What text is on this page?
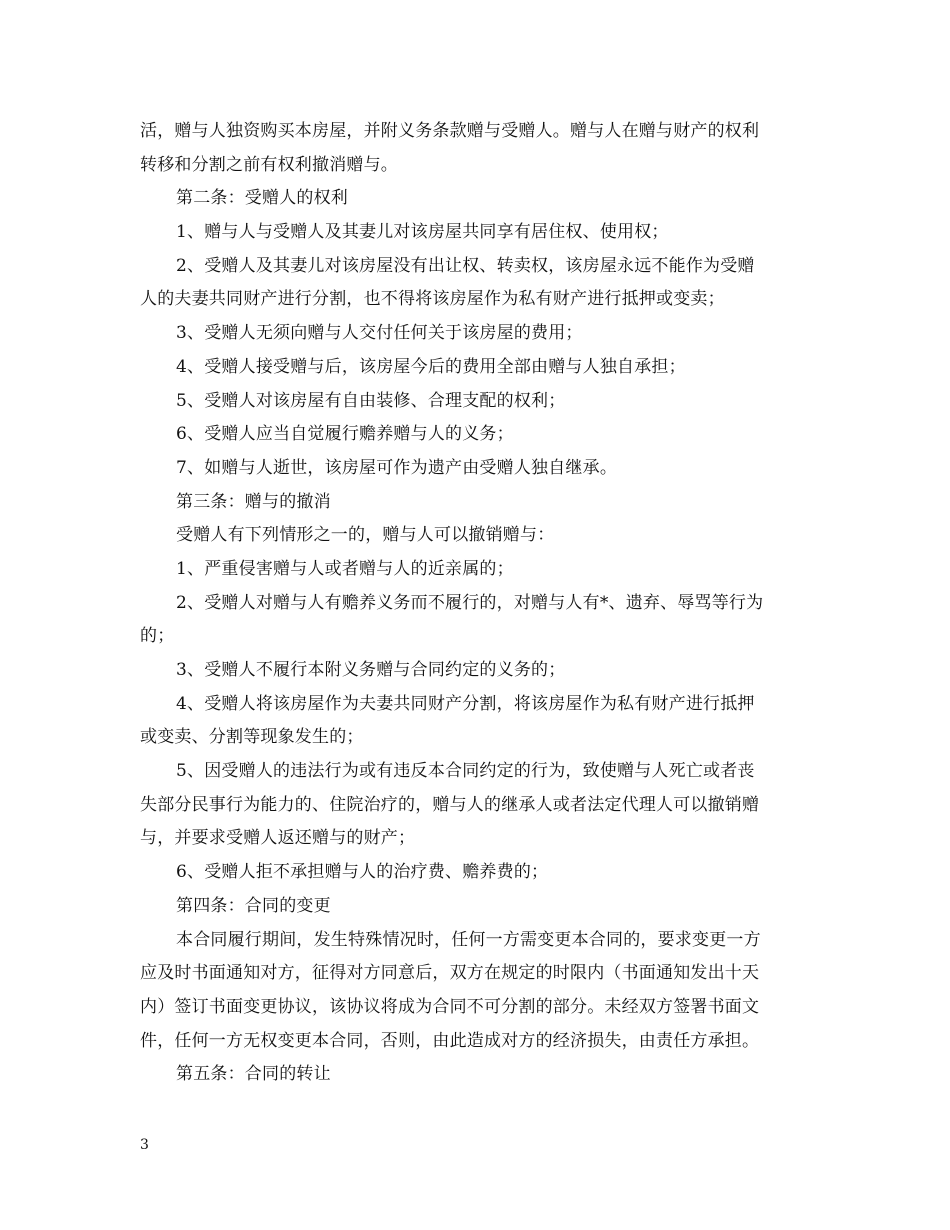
活，赠与人独资购买本房屋，并附义务条款赠与受赠人。赠与人在赠与财产的权利
转移和分割之前有权利撤消赠与。
第二条：受赠人的权利
1、赠与人与受赠人及其妻儿对该房屋共同享有居住权、使用权；
2、受赠人及其妻儿对该房屋没有出让权、转卖权，该房屋永远不能作为受赠
人的夫妻共同财产进行分割，也不得将该房屋作为私有财产进行抵押或变卖；
3、受赠人无须向赠与人交付任何关于该房屋的费用；
4、受赠人接受赠与后，该房屋今后的费用全部由赠与人独自承担；
5、受赠人对该房屋有自由装修、合理支配的权利；
6、受赠人应当自觉履行赡养赠与人的义务；
7、如赠与人逝世，该房屋可作为遗产由受赠人独自继承。
第三条：赠与的撤消
受赠人有下列情形之一的，赠与人可以撤销赠与：
1、严重侵害赠与人或者赠与人的近亲属的；
2、受赠人对赠与人有赡养义务而不履行的，对赠与人有*、遗弃、辱骂等行为
的；
3、受赠人不履行本附义务赠与合同约定的义务的；
4、受赠人将该房屋作为夫妻共同财产分割，将该房屋作为私有财产进行抵押
或变卖、分割等现象发生的；
5、因受赠人的违法行为或有违反本合同约定的行为，致使赠与人死亡或者丧
失部分民事行为能力的、住院治疗的，赠与人的继承人或者法定代理人可以撤销赠
与，并要求受赠人返还赠与的财产；
6、受赠人拒不承担赠与人的治疗费、赡养费的；
第四条：合同的变更
本合同履行期间，发生特殊情况时，任何一方需变更本合同的，要求变更一方
应及时书面通知对方，征得对方同意后，双方在规定的时限内（书面通知发出十天
内）签订书面变更协议，该协议将成为合同不可分割的部分。未经双方签署书面文
件，任何一方无权变更本合同，否则，由此造成对方的经济损失，由责任方承担。
第五条：合同的转让
3
